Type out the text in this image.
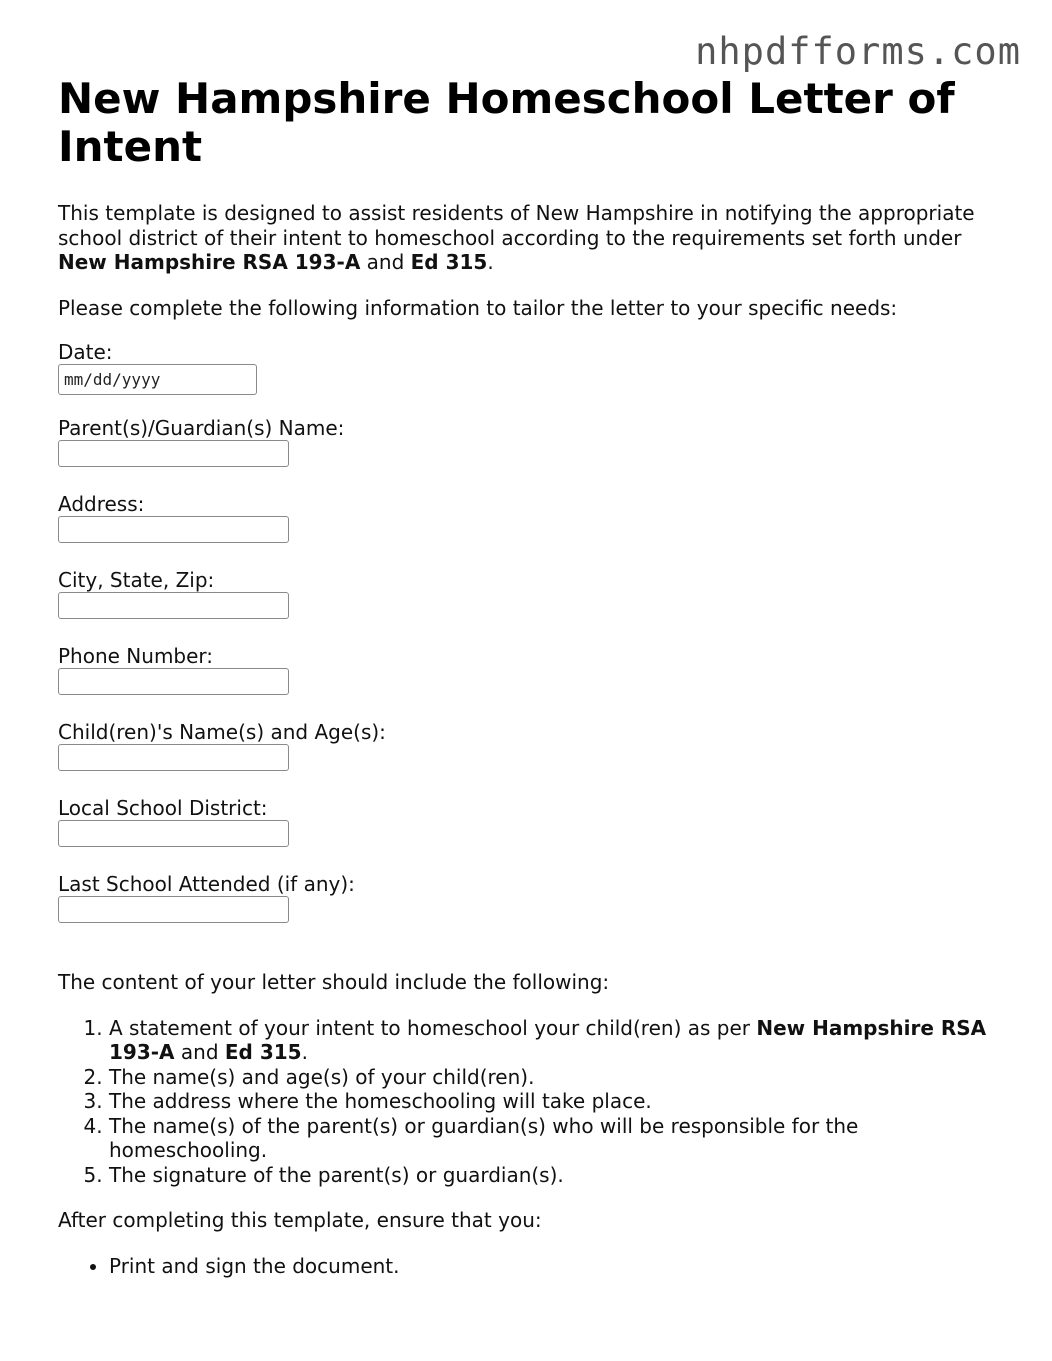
nhpdfforms.com
New Hampshire Homeschool Letter of Intent

This template is designed to assist residents of New Hampshire in notifying the appropriate school district of their intent to homeschool according to the requirements set forth under New Hampshire RSA 193-A and Ed 315.

Please complete the following information to tailor the letter to your specific needs:

Date:
mm/dd/yyyy
Parent(s)/Guardian(s) Name:
Address:
City, State, Zip:
Phone Number:
Child(ren)'s Name(s) and Age(s):
Local School District:
Last School Attended (if any):

The content of your letter should include the following:

1. A statement of your intent to homeschool your child(ren) as per New Hampshire RSA 193-A and Ed 315.
2. The name(s) and age(s) of your child(ren).
3. The address where the homeschooling will take place.
4. The name(s) of the parent(s) or guardian(s) who will be responsible for the homeschooling.
5. The signature of the parent(s) or guardian(s).

After completing this template, ensure that you:

• Print and sign the document.
